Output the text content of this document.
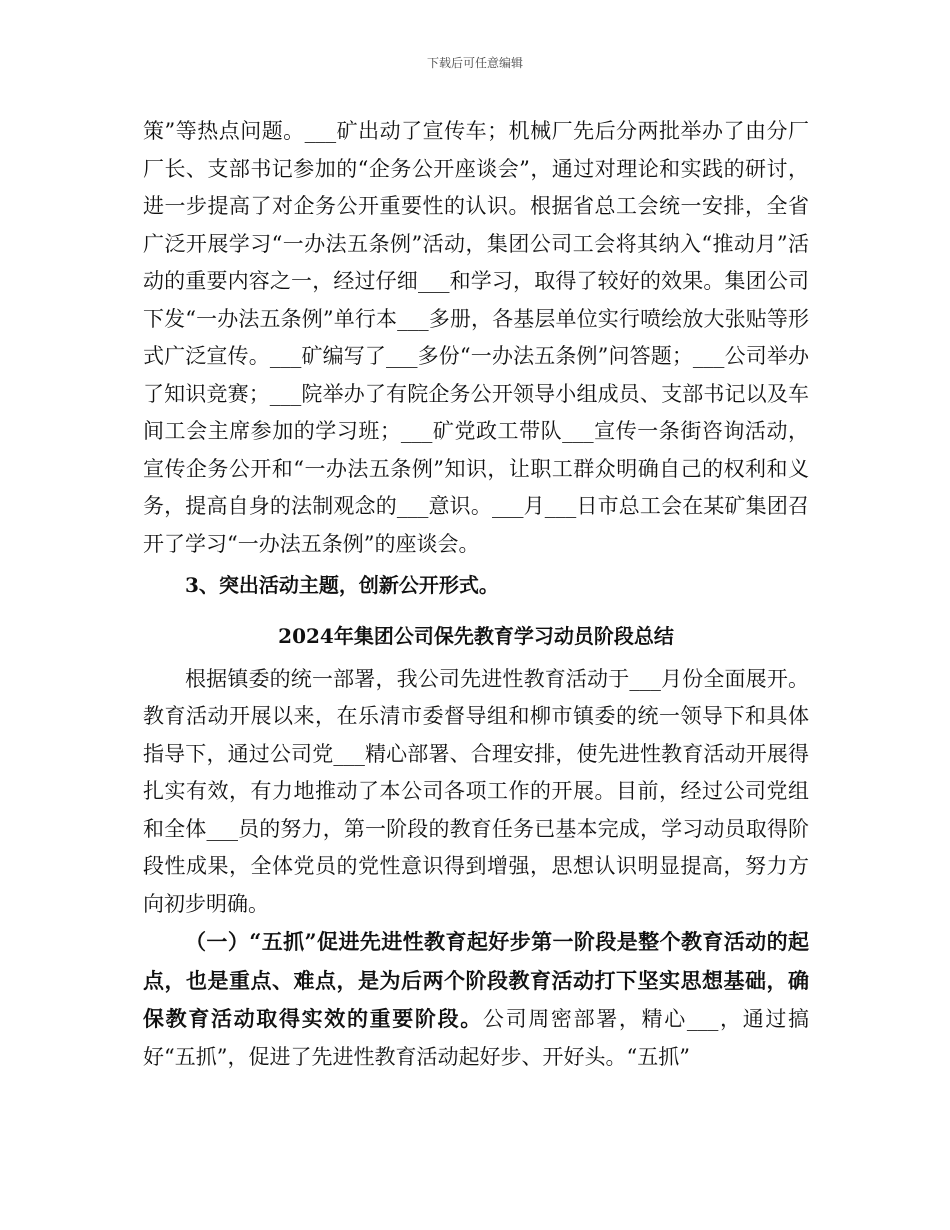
下载后可任意编辑

策”等热点问题。___矿出动了宣传车；机械厂先后分两批举办了由分厂厂长、支部书记参加的“企务公开座谈会”，通过对理论和实践的研讨，进一步提高了对企务公开重要性的认识。根据省总工会统一安排，全省广泛开展学习“一办法五条例”活动，集团公司工会将其纳入“推动月”活动的重要内容之一，经过仔细___和学习，取得了较好的效果。集团公司下发“一办法五条例”单行本___多册，各基层单位实行喷绘放大张贴等形式广泛宣传。___矿编写了___多份“一办法五条例”问答题；___公司举办了知识竞赛；___院举办了有院企务公开领导小组成员、支部书记以及车间工会主席参加的学习班；___矿党政工带队___宣传一条街咨询活动，宣传企务公开和“一办法五条例”知识，让职工群众明确自己的权利和义务，提高自身的法制观念的___意识。___月___日市总工会在某矿集团召开了学习“一办法五条例”的座谈会。

3、突出活动主题，创新公开形式。

2024年集团公司保先教育学习动员阶段总结

根据镇委的统一部署，我公司先进性教育活动于___月份全面展开。教育活动开展以来，在乐清市委督导组和柳市镇委的统一领导下和具体指导下，通过公司党___精心部署、合理安排，使先进性教育活动开展得扎实有效，有力地推动了本公司各项工作的开展。目前，经过公司党组和全体___员的努力，第一阶段的教育任务已基本完成，学习动员取得阶段性成果，全体党员的党性意识得到增强，思想认识明显提高，努力方向初步明确。

（一）“五抓”促进先进性教育起好步第一阶段是整个教育活动的起点，也是重点、难点，是为后两个阶段教育活动打下坚实思想基础，确保教育活动取得实效的重要阶段。公司周密部署，精心___，通过搞好“五抓”，促进了先进性教育活动起好步、开好头。“五抓”
